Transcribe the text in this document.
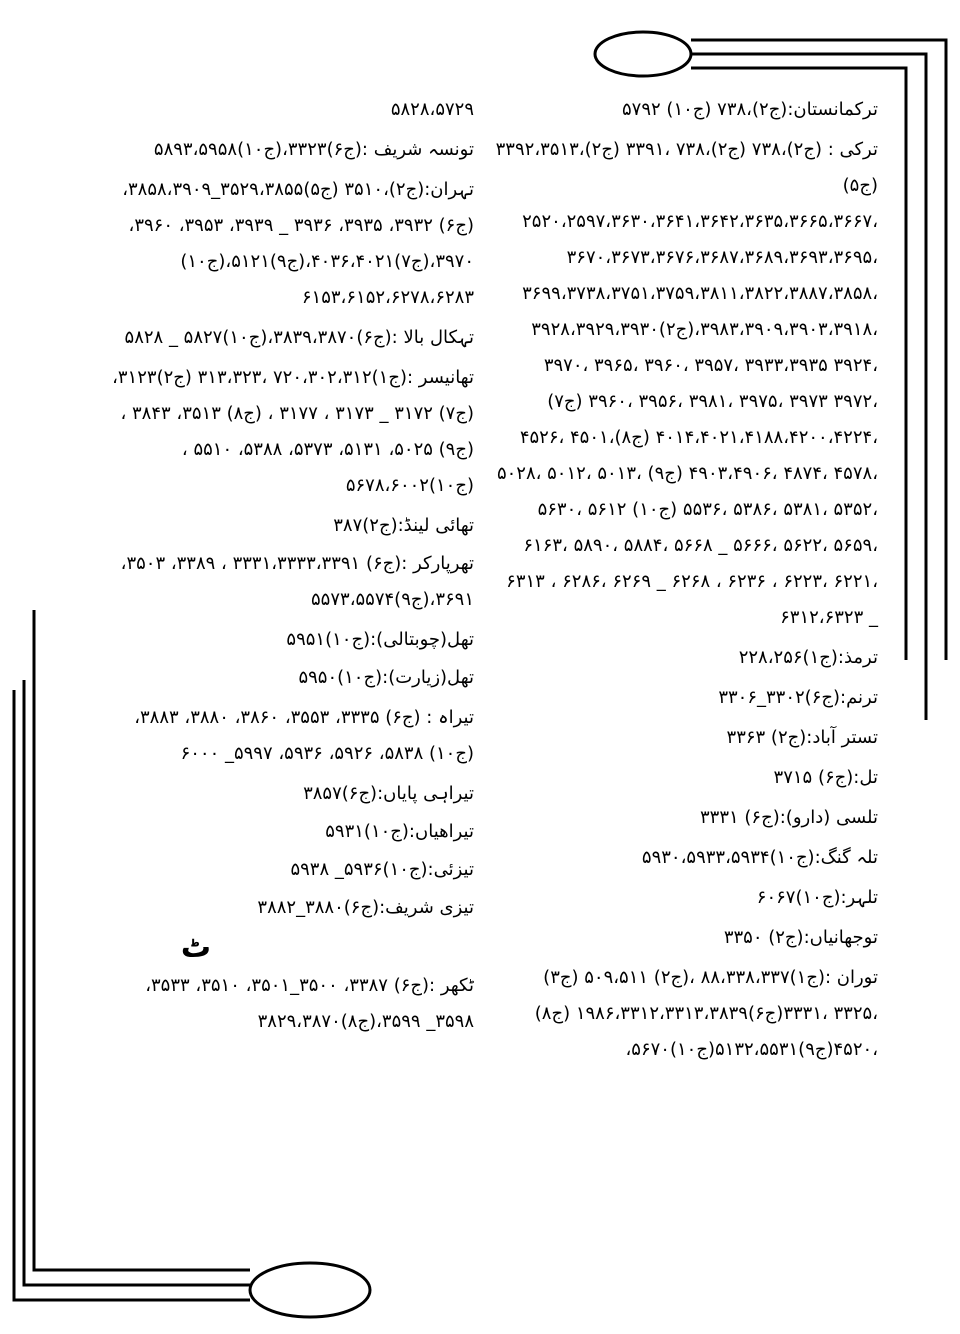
ترکمانستان:(ج۲)،۷۳۸ (ج۱۰) ۵۷۹۲

ترکی : (ج۲)،۷۳۸ (ج۲)،۷۳۸ ،۳۳۹۱ (ج۲)،۳۳۹۲،۳۵۱۳ (ج۵) ،۲۵۲۰،۲۵۹۷،۳۶۳۰،۳۶۴۱،۳۶۴۲،۳۶۳۵،۳۶۶۵،۳۶۶۷ ،۳۶۷۰،۳۶۷۳،۳۶۷۶،۳۶۸۷،۳۶۸۹،۳۶۹۳،۳۶۹۵ ،۳۶۹۹،۳۷۳۸،۳۷۵۱،۳۷۵۹،۳۸۱۱،۳۸۲۲،۳۸۸۷،۳۸۵۸ ،۳۹۸۳،۳۹۰۹،۳۹۰۳،۳۹۱۸،(ج۲)۳۹۲۸،۳۹۲۹،۳۹۳۰ ،۳۹۲۴ ۳۹۳۳،۳۹۳۵ ،۳۹۵۷ ،۳۹۶۰ ،۳۹۶۵ ،۳۹۷۰ ،۳۹۷۲ ۳۹۷۳ ،۳۹۷۵ ،۳۹۸۱ ،۳۹۵۶ ،۳۹۶۰ (ج۷) ،۴۰۱۴،۴۰۲۱،۴۱۸۸،۴۲۰۰،۴۲۲۴ (ج۸)،۴۵۰۱ ،۴۵۲۶ ،۴۵۷۸ ،۴۸۷۴ ،۴۹۰۳،۴۹۰۶ (ج۹) ،۵۰۱۳ ،۵۰۱۲ ،۵۰۲۸ ،۵۳۵۲ ،۵۳۸۱ ،۵۳۸۶ ،۵۵۳۶ (ج۱۰) ۵۶۱۲ ،۵۶۳۰ ،۵۶۵۹ ،۵۶۲۲ ،۵۶۶۶ _ ۵۶۶۸ ،۵۸۸۴ ،۵۸۹۰ ،۶۱۶۳ ،۶۲۲۱ ،۶۲۲۳ ، ۶۲۳۶ ، ۶۲۶۸ _ ۶۲۶۹ ،۶۲۸۶ ، ۶۳۱۳ _ ۶۳۱۲،۶۳۲۳

ترمذ:(ج۱)۲۲۸،۲۵۶

ترنم:(ج۶)۳۳۰۲_۳۳۰۶

تستر آباد:(ج۲) ۳۳۶۳

تل:(ج۶) ۳۷۱۵

تلسی (دارو):(ج۶) ۳۳۳۱

تلہ گنگ:(ج۱۰)۵۹۳۰،۵۹۳۳،۵۹۳۴

تلہر:(ج۱۰)۶۰۶۷

توجھانیاں:(ج۲) ۳۳۵۰

توران :(ج۱)۸۸،۳۳۸،۳۳۷ ،(ج۲) ۵۰۹،۵۱۱ (ج۳) ،۳۳۲۵ ،۳۳۳۱(ج۶)۱۹۸۶،۳۳۱۲،۳۳۱۳،۳۸۳۹ (ج۸) ،۴۵۲۰(ج۹)۵۱۳۲،۵۵۳۱(ج۱۰)۵۶۷۰،

۵۸۲۸،۵۷۲۹

تونسہ شریف :(ج۶)۳۳۲۳،(ج۱۰)۵۸۹۳،۵۹۵۸

تہران:(ج۲)،۳۵۱۰ (ج۵)۳۵۲۹،۳۸۵۵_۳۸۵۸،۳۹۰۹، (ج۶) ۳۹۳۲، ۳۹۳۵، ۳۹۳۶ _ ۳۹۳۹، ۳۹۵۳، ۳۹۶۰، ۳۹۷۰،(ج۷)۴۰۳۶،۴۰۲۱،(ج۹)۵۱۲۱،(ج۱۰) ۶۱۵۳،۶۱۵۲،۶۲۷۸،۶۲۸۳

تہکال بالا :(ج۶)۳۸۳۹،۳۸۷۰،(ج۱۰)۵۸۲۷ _ ۵۸۲۸

تھانیسر :(ج۱)۷۲۰،۳۰۲،۳۱۲ ،۳۱۳،۳۲۳ (ج۲)۳۱۲۳،(ج۷) ۳۱۷۲ _ ۳۱۷۳ ، ۳۱۷۷ ، (ج۸) ۳۵۱۳، ۳۸۴۳ ،(ج۹) ۵۰۲۵، ۵۱۳۱، ۵۳۷۳، ۵۳۸۸، ۵۵۱۰ ،(ج۱۰)۵۶۷۸،۶۰۰۲

تھائی لینڈ:(ج۲)۳۸۷

تھرپارکر :(ج۶) ۳۳۳۱،۳۳۳۳،۳۳۹۱ ، ۳۳۸۹، ۳۵۰۳، ۳۶۹۱،(ج۹)۵۵۷۳،۵۵۷۴

تھل(چوبتالی):(ج۱۰)۵۹۵۱

تھل(زیارت):(ج۱۰)۵۹۵۰

تیراہ : (ج۶) ۳۳۳۵، ۳۵۵۳، ۳۸۶۰، ۳۸۸۰، ۳۸۸۳، (ج۱۰) ۵۸۳۸، ۵۹۲۶، ۵۹۳۶، ۵۹۹۷_ ۶۰۰۰

تیراہی پایاں:(ج۶)۳۸۵۷

تیراھیاں:(ج۱۰)۵۹۳۱

تیزئی:(ج۱۰)۵۹۳۶_ ۵۹۳۸

تیزی شریف:(ج۶)۳۸۸۰_۳۸۸۲

ٹ

ٹکھر :(ج۶) ۳۳۸۷، ۳۵۰۰_۳۵۰۱، ۳۵۱۰، ۳۵۳۳، ۳۵۹۸_ ۳۵۹۹،(ج۸)۳۸۲۹،۳۸۷۰
